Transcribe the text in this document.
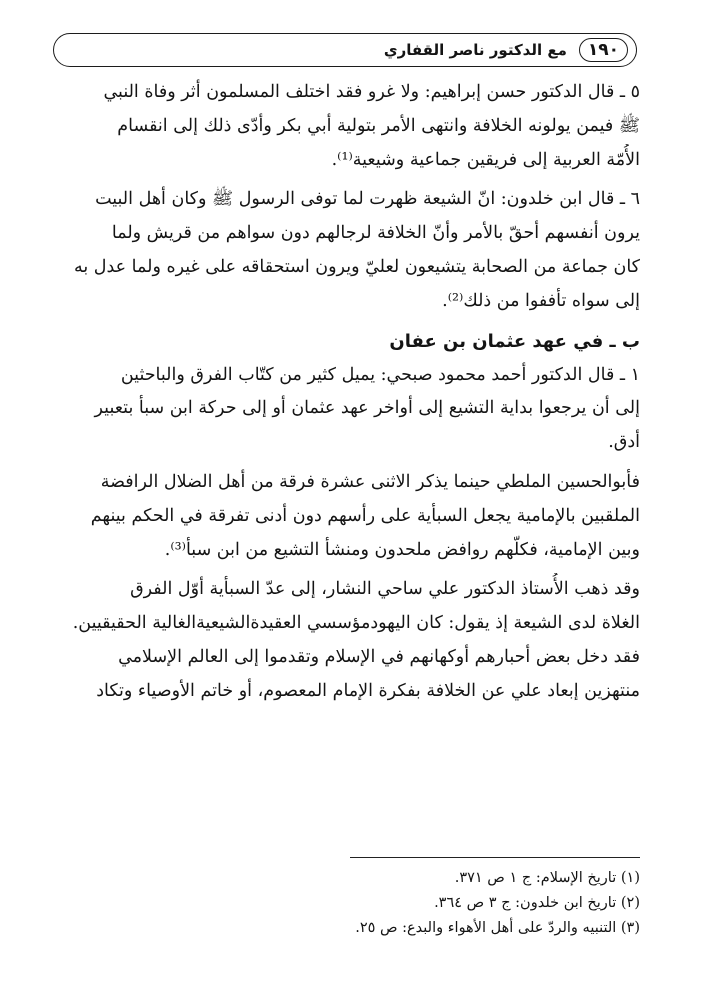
١٩٠
مع الدكتور ناصر القفاري
٥ ـ قال الدكتور حسن إبراهيم: ولا غرو فقد اختلف المسلمون أثر وفاة النبي
ﷺ فيمن يولونه الخلافة وانتهى الأمر بتولية أبي بكر وأدّى ذلك إلى انقسام
الأُمّة العربية إلى فريقين جماعية وشيعية⁽¹⁾.
٦ ـ قال ابن خلدون: انّ الشيعة ظهرت لما توفى الرسول ﷺ وكان أهل البيت
يرون أنفسهم أحقّ بالأمر وأنّ الخلافة لرجالهم دون سواهم من قريش ولما
كان جماعة من الصحابة يتشيعون لعليّ ويرون استحقاقه على غيره ولما عدل به
إلى سواه تأففوا من ذلك⁽²⁾.
ب ـ في عهد عثمان بن عفان
١ ـ قال الدكتور أحمد محمود صبحي: يميل كثير من كتّاب الفرق والباحثين
إلى أن يرجعوا بداية التشيع إلى أواخر عهد عثمان أو إلى حركة ابن سبأ بتعبير
أدق.
فأبوالحسين الملطي حينما يذكر الاثنى عشرة فرقة من أهل الضلال الرافضة
الملقبين بالإمامية يجعل السبأية على رأسهم دون أدنى تفرقة في الحكم بينهم
وبين الإمامية، فكلّهم روافض ملحدون ومنشأ التشيع من ابن سبأ⁽³⁾.
وقد ذهب الأُستاذ الدكتور علي ساحي النشار، إلى عدّ السبأية أوّل الفرق
الغلاة لدى الشيعة إذ يقول: كان اليهودمؤسسي العقيدةالشيعيةالغالية الحقيقيين.
فقد دخل بعض أحبارهم أوكهانهم في الإسلام وتقدموا إلى العالم الإسلامي
منتهزين إبعاد علي عن الخلافة بفكرة الإمام المعصوم، أو خاتم الأوصياء وتكاد
(١) تاريخ الإسلام: ج ١ ص ٣٧١.
(٢) تاريخ ابن خلدون: ج ٣ ص ٣٦٤.
(٣) التنبيه والردّ على أهل الأهواء والبدع: ص ٢٥.
